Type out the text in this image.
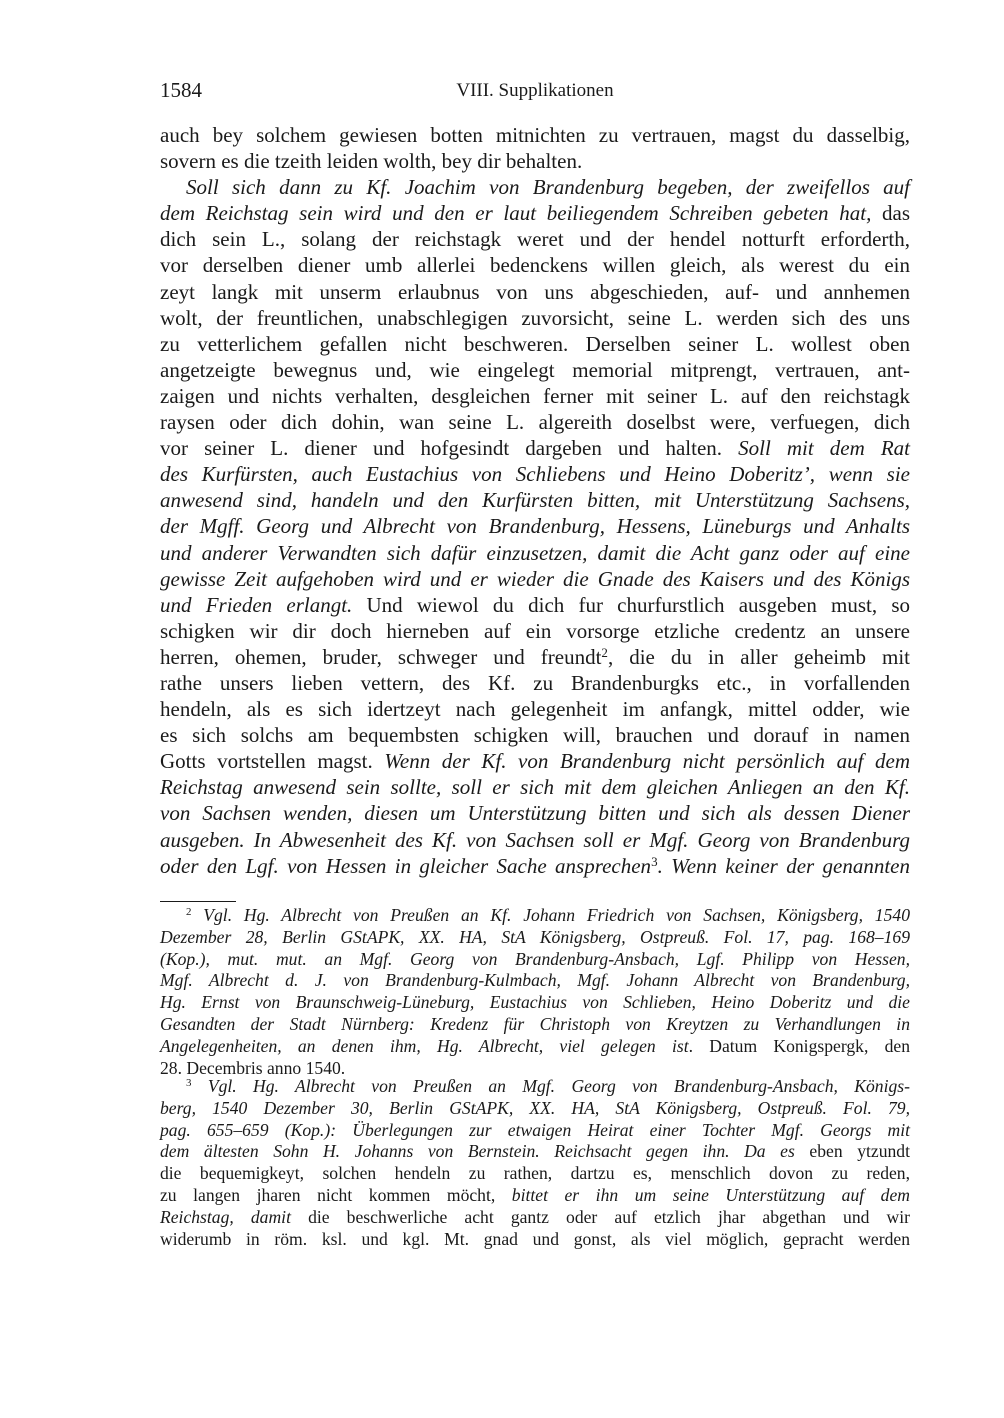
1584	VIII. Supplikationen
auch bey solchem gewiesen botten mitnichten zu vertrauen, magst du dasselbig,
sovern es die tzeith leiden wolth, bey dir behalten.
Soll sich dann zu Kf. Joachim von Brandenburg begeben, der zweifellos auf
dem Reichstag sein wird und den er laut beiliegendem Schreiben gebeten hat, das
dich sein L., solang der reichstagk weret und der hendel notturft erforderth,
vor derselben diener umb allerlei bedenckens willen gleich, als werest du ein
zeyt langk mit unserm erlaubnus von uns abgeschieden, auf- und annhemen
wolt, der freuntlichen, unabschlegigen zuvorsicht, seine L. werden sich des uns
zu vetterlichem gefallen nicht beschweren. Derselben seiner L. wollest oben
angetzeigte bewegnus und, wie eingelegt memorial mitprengt, vertrauen, ant-
zaigen und nichts verhalten, desgleichen ferner mit seiner L. auf den reichstagk
raysen oder dich dohin, wan seine L. algereith doselbst were, verfuegen, dich
vor seiner L. diener und hofgesindt dargeben und halten. Soll mit dem Rat
des Kurfürsten, auch Eustachius von Schliebens und Heino Doberitz’, wenn sie
anwesend sind, handeln und den Kurfürsten bitten, mit Unterstützung Sachsens,
der Mgff. Georg und Albrecht von Brandenburg, Hessens, Lüneburgs und Anhalts
und anderer Verwandten sich dafür einzusetzen, damit die Acht ganz oder auf eine
gewisse Zeit aufgehoben wird und er wieder die Gnade des Kaisers und des Königs
und Frieden erlangt. Und wiewol du dich fur churfurstlich ausgeben must, so
schigken wir dir doch hierneben auf ein vorsorge etzliche credentz an unsere
herren, ohemen, bruder, schweger und freundt$^2$, die du in aller geheimb mit
rathe unsers lieben vettern, des Kf. zu Brandenburgks etc., in vorfallenden
hendeln, als es sich idertzeyt nach gelegenheit im anfangk, mittel odder, wie
es sich solchs am bequembsten schigken will, brauchen und dorauf in namen
Gotts vortstellen magst. Wenn der Kf. von Brandenburg nicht persönlich auf dem
Reichstag anwesend sein sollte, soll er sich mit dem gleichen Anliegen an den Kf.
von Sachsen wenden, diesen um Unterstützung bitten und sich als dessen Diener
ausgeben. In Abwesenheit des Kf. von Sachsen soll er Mgf. Georg von Brandenburg
oder den Lgf. von Hessen in gleicher Sache ansprechen$^3$. Wenn keiner der genannten
$^2$ Vgl. Hg. Albrecht von Preußen an Kf. Johann Friedrich von Sachsen, Königsberg, 1540
Dezember 28, Berlin GStAPK, XX. HA, StA Königsberg, Ostpreuß. Fol. 17, pag. 168–169
(Kop.), mut. mut. an Mgf. Georg von Brandenburg-Ansbach, Lgf. Philipp von Hessen,
Mgf. Albrecht d. J. von Brandenburg-Kulmbach, Mgf. Johann Albrecht von Brandenburg,
Hg. Ernst von Braunschweig-Lüneburg, Eustachius von Schlieben, Heino Doberitz und die
Gesandten der Stadt Nürnberg: Kredenz für Christoph von Kreytzen zu Verhandlungen in
Angelegenheiten, an denen ihm, Hg. Albrecht, viel gelegen ist. Datum Konigspergk, den
28. Decembris anno 1540.
$^3$ Vgl. Hg. Albrecht von Preußen an Mgf. Georg von Brandenburg-Ansbach, Königs-
berg, 1540 Dezember 30, Berlin GStAPK, XX. HA, StA Königsberg, Ostpreuß. Fol. 79,
pag. 655–659 (Kop.): Überlegungen zur etwaigen Heirat einer Tochter Mgf. Georgs mit
dem ältesten Sohn H. Johanns von Bernstein. Reichsacht gegen ihn. Da es eben ytzundt
die bequemigkeyt, solchen hendeln zu rathen, dartzu es, menschlich dovon zu reden,
zu langen jharen nicht kommen möcht, bittet er ihn um seine Unterstützung auf dem
Reichstag, damit die beschwerliche acht gantz oder auf etzlich jhar abgethan und wir
widerumb in röm. ksl. und kgl. Mt. gnad und gonst, als viel möglich, gepracht werden
